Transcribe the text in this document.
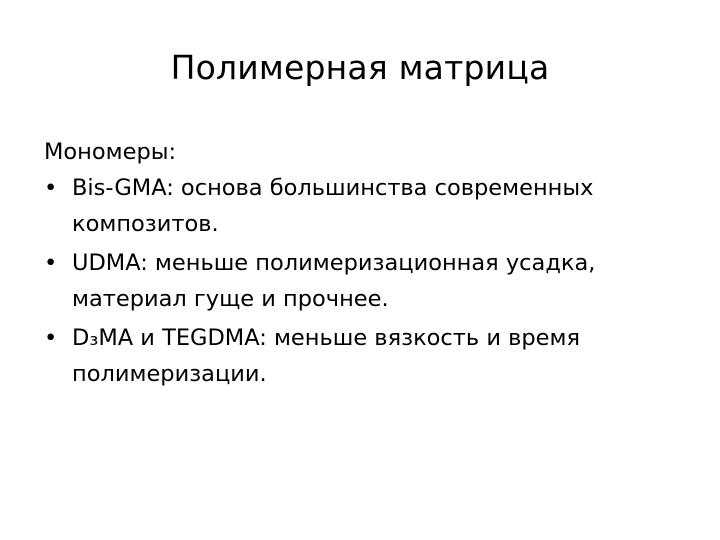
Полимерная матрица

Мономеры:

• Bis-GMA: основа большинства современных композитов.
• UDMA: меньше полимеризационная усадка, материал гуще и прочнее.
• D₃MA и TEGDMA: меньше вязкость и время полимеризации.
